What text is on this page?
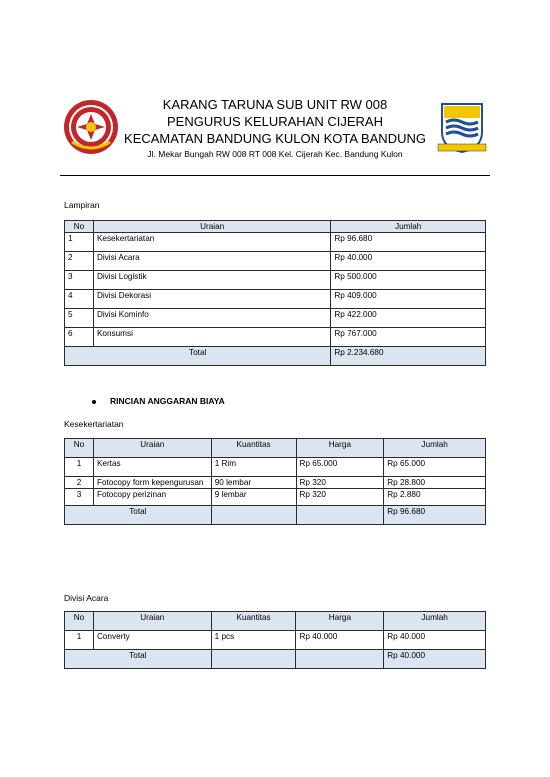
KARANG TARUNA SUB UNIT RW 008
PENGURUS KELURAHAN CIJERAH
KECAMATAN BANDUNG KULON KOTA BANDUNG
Jl. Mekar Bungah RW 008 RT 008 Kel. Cijerah Kec. Bandung Kulon
Lampiran
No	Uraian	Jumlah
1	Kesekertariatan	Rp 96.680
2	Divisi Acara	Rp 40.000
3	Divisi Logistik	Rp 500.000
4	Divisi Dekorasi	Rp 409.000
5	Divisi Kominfo	Rp 422.000
6	Konsumsi	Rp 767.000
Total		Rp 2.234.680
RINCIAN ANGGARAN BIAYA
Kesekertariatan
No	Uraian	Kuantitas	Harga	Jumlah
1	Kertas	1 Rim	Rp 65.000	Rp 65.000
2	Fotocopy form kepengurusan	90 lembar	Rp 320	Rp 28.800
3	Fotocopy perizinan	9 lembar	Rp 320	Rp 2.880
Total				Rp 96.680
Divisi Acara
No	Uraian	Kuantitas	Harga	Jumlah
1	Converty	1 pcs	Rp 40.000	Rp 40.000
Total				Rp 40.000
